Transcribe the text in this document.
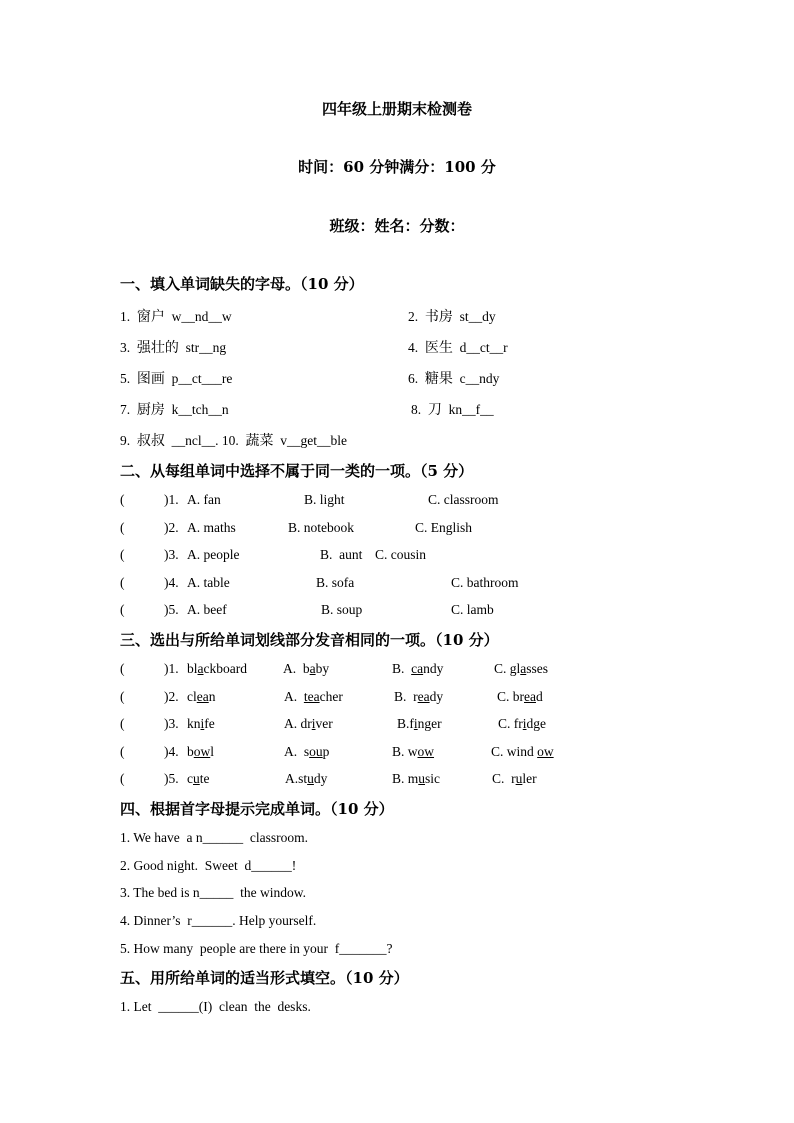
四年级上册期末检测卷
时间：60 分钟满分：100 分
班级：姓名：分数：
一、填入单词缺失的字母。（10 分）
1. 窗户 w__nd__w	2. 书房 st__dy
3. 强壮的 str__ng	4. 医生 d__ct__r
5. 图画 p__ct___re	6. 糖果 c__ndy
7. 厨房 k__tch__n	8. 刀 kn__f__
9. 叔叔 __ncl__. 10. 蔬菜 v__get__ble
二、从每组单词中选择不属于同一类的一项。（5 分）
(	)1. A. fan	B. light	C. classroom
(	)2. A. maths	B. notebook	C. English
(	)3. A. people	B.  aunt C. cousin
(	)4. A. table	B. sofa	C. bathroom
(	)5. A. beef	B. soup	C. lamb
三、选出与所给单词划线部分发音相同的一项。（10 分）
(	)1. blackboard	A.  baby	B.  candy	C. glasses
(	)2. clean	A.  teacher	B.  ready	C. bread
(	)3. knife	A. driver	B.finger	C. fridge
(	)4. bowl	A.  soup	B. wow	C. wind ow
(	)5. cute	A.study	B. music	C.  ruler
四、根据首字母提示完成单词。（10 分）
1. We have  a n______  classroom.
2. Good night.  Sweet  d______!
3. The bed is n_____  the window.
4. Dinner’s  r______. Help yourself.
5. How many  people are there in your  f_______?
五、用所给单词的适当形式填空。（10 分）
1. Let  ______(I)  clean  the  desks.
